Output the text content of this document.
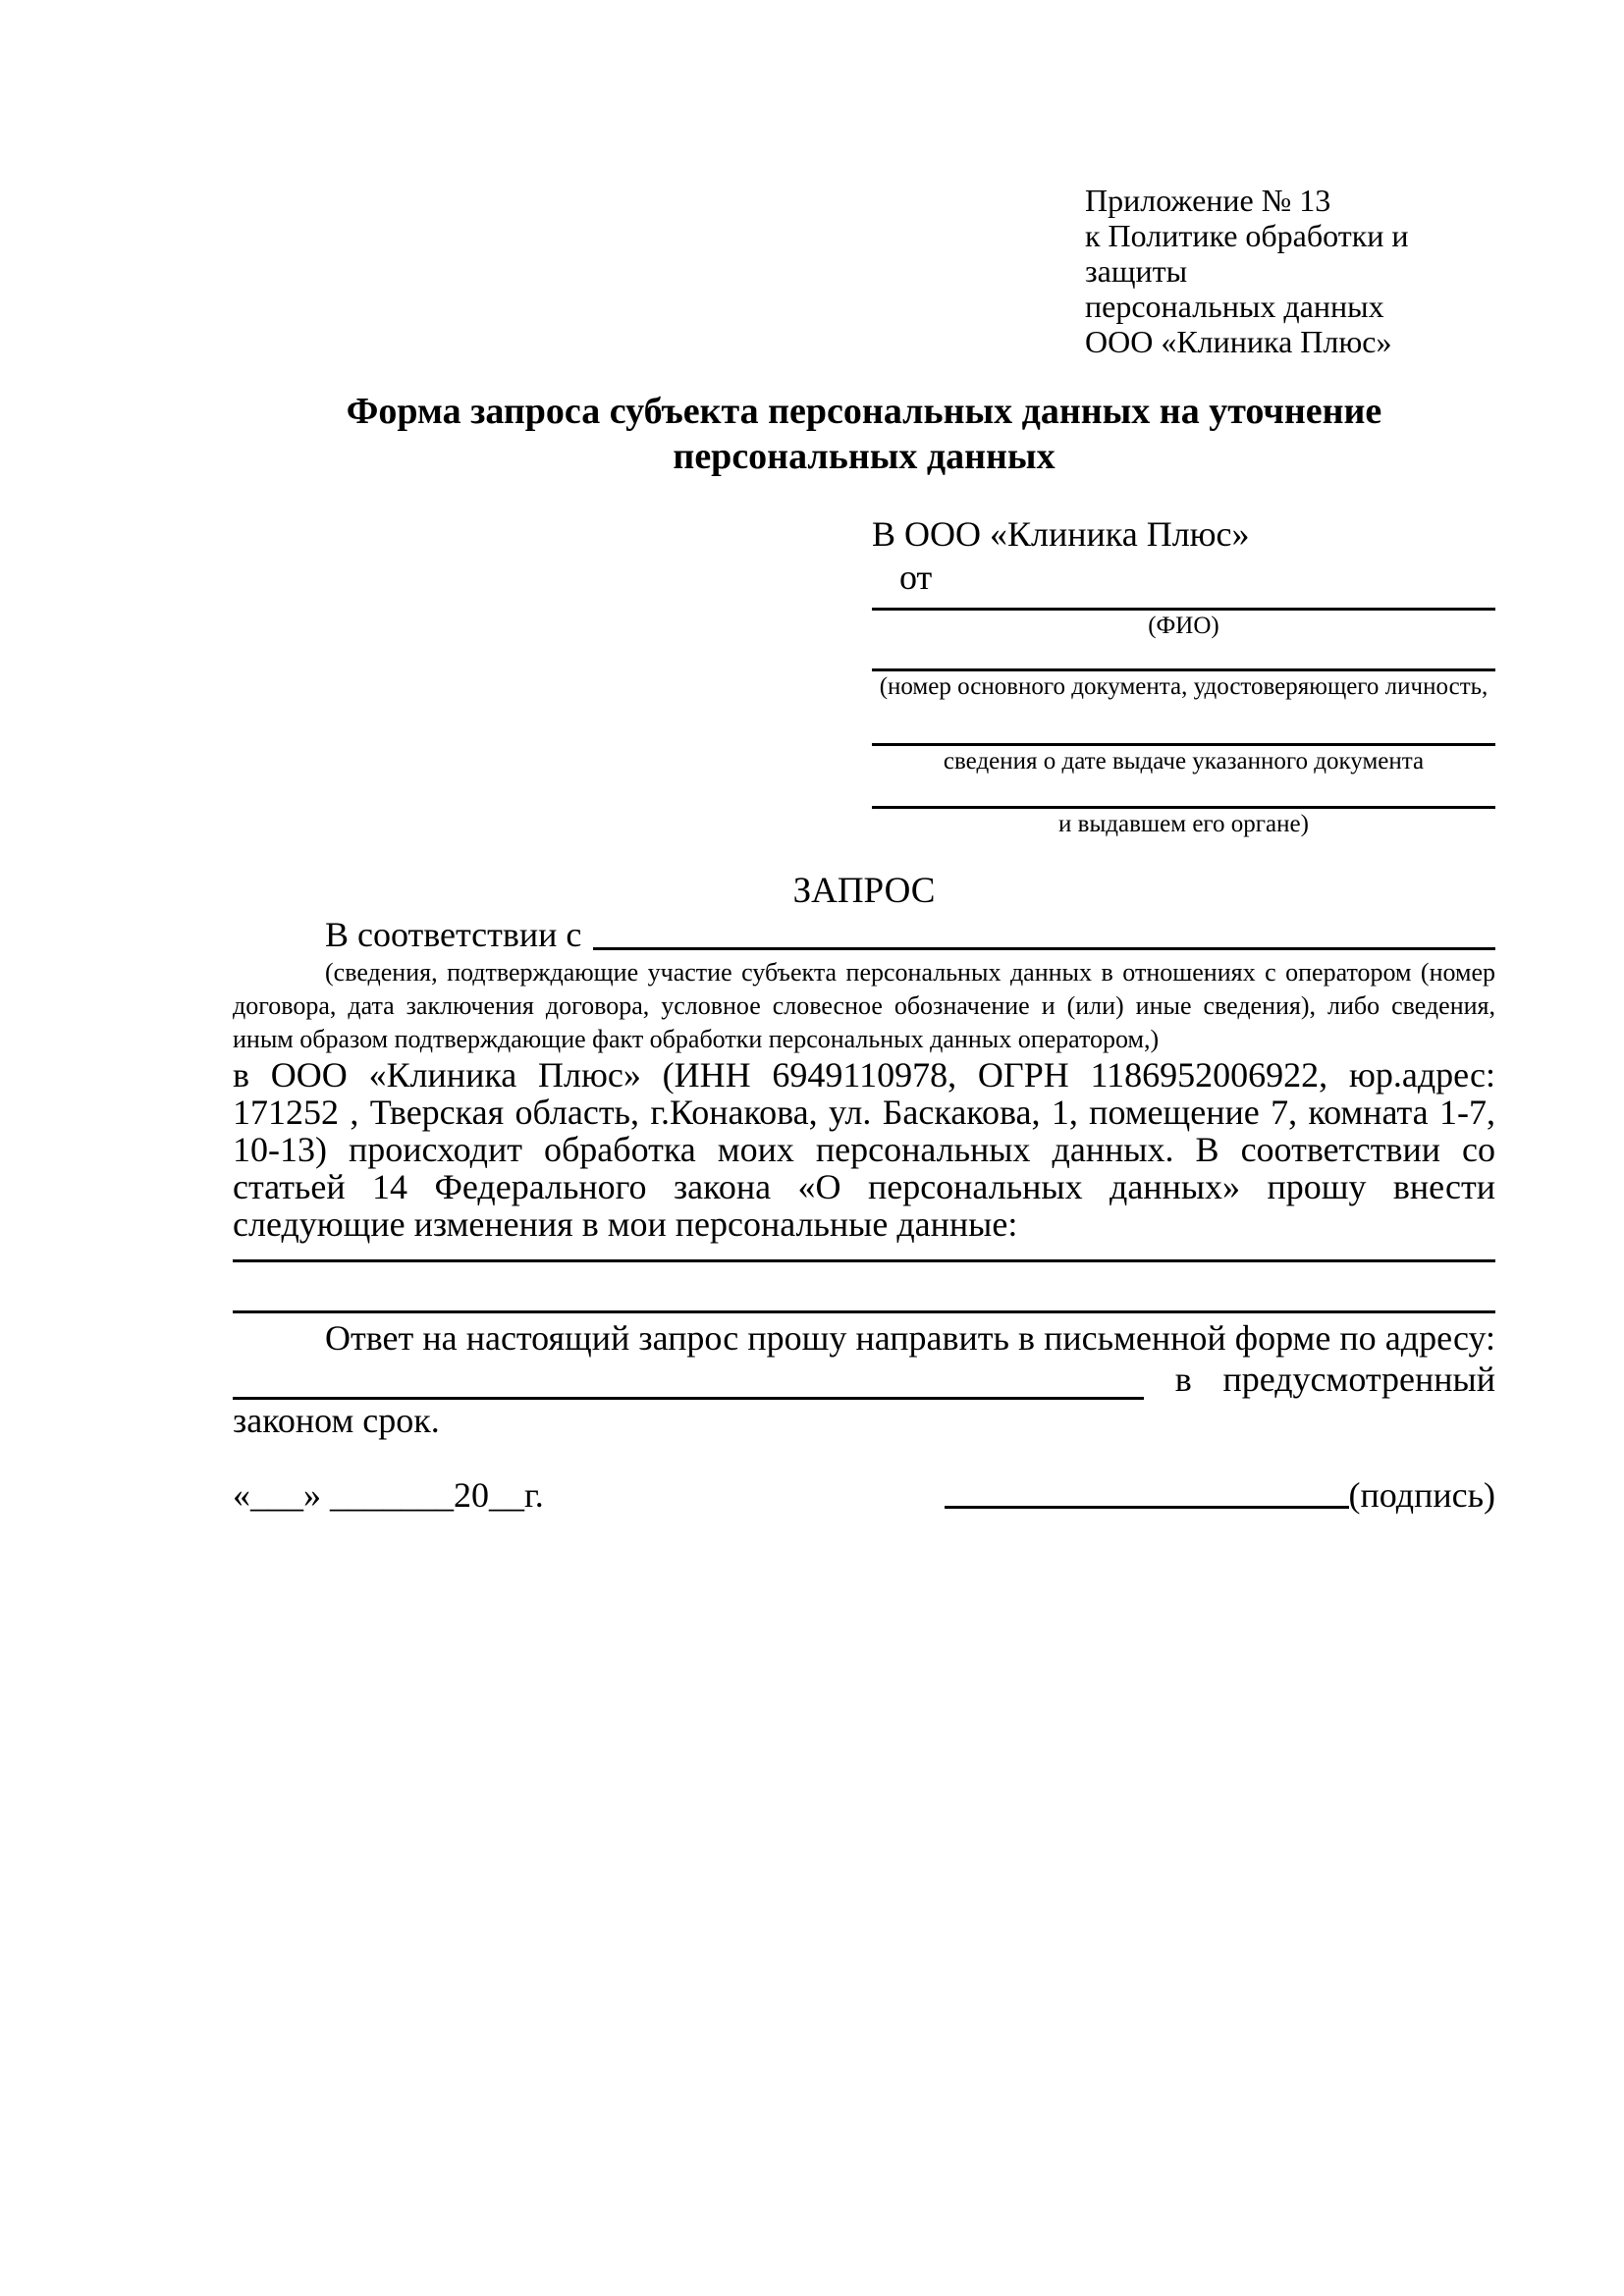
Приложение № 13
к Политике обработки и защиты
персональных данных
ООО «Клиника Плюс»
Форма запроса субъекта персональных данных на уточнение персональных данных
В ООО «Клиника Плюс»
от
(ФИО)
(номер основного документа, удостоверяющего личность,
сведения о дате выдаче указанного документа
и выдавшем его органе)
ЗАПРОС
В соответствии с
(сведения, подтверждающие участие субъекта персональных данных в отношениях с оператором (номер договора, дата заключения договора, условное словесное обозначение и (или) иные сведения), либо сведения, иным образом подтверждающие факт обработки персональных данных оператором,)
в ООО «Клиника Плюс» (ИНН 6949110978, ОГРН 1186952006922, юр.адрес: 171252 , Тверская область, г.Конакова, ул. Баскакова, 1, помещение 7, комната 1-7, 10-13) происходит обработка моих персональных данных. В соответствии со статьей 14 Федерального закона «О персональных данных» прошу внести следующие изменения в мои персональные данные:
Ответ на настоящий запрос прошу направить в письменной форме по адресу:
в предусмотренный
законом срок.
«___» _______20__г.	(подпись)
